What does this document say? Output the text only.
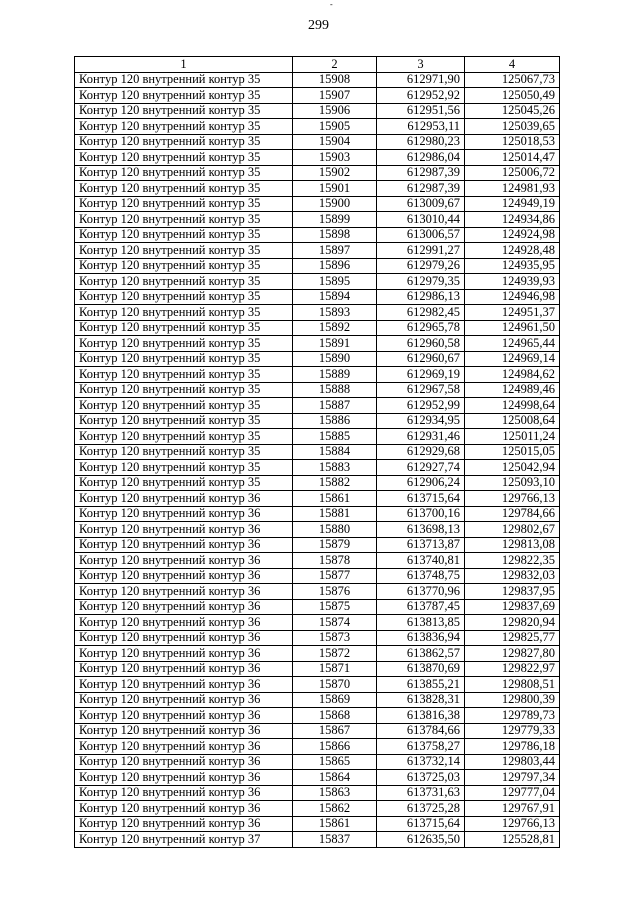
-
299
1	2	3	4
Контур 120 внутренний контур 35	15908	612971,90	125067,73
Контур 120 внутренний контур 35	15907	612952,92	125050,49
Контур 120 внутренний контур 35	15906	612951,56	125045,26
Контур 120 внутренний контур 35	15905	612953,11	125039,65
Контур 120 внутренний контур 35	15904	612980,23	125018,53
Контур 120 внутренний контур 35	15903	612986,04	125014,47
Контур 120 внутренний контур 35	15902	612987,39	125006,72
Контур 120 внутренний контур 35	15901	612987,39	124981,93
Контур 120 внутренний контур 35	15900	613009,67	124949,19
Контур 120 внутренний контур 35	15899	613010,44	124934,86
Контур 120 внутренний контур 35	15898	613006,57	124924,98
Контур 120 внутренний контур 35	15897	612991,27	124928,48
Контур 120 внутренний контур 35	15896	612979,26	124935,95
Контур 120 внутренний контур 35	15895	612979,35	124939,93
Контур 120 внутренний контур 35	15894	612986,13	124946,98
Контур 120 внутренний контур 35	15893	612982,45	124951,37
Контур 120 внутренний контур 35	15892	612965,78	124961,50
Контур 120 внутренний контур 35	15891	612960,58	124965,44
Контур 120 внутренний контур 35	15890	612960,67	124969,14
Контур 120 внутренний контур 35	15889	612969,19	124984,62
Контур 120 внутренний контур 35	15888	612967,58	124989,46
Контур 120 внутренний контур 35	15887	612952,99	124998,64
Контур 120 внутренний контур 35	15886	612934,95	125008,64
Контур 120 внутренний контур 35	15885	612931,46	125011,24
Контур 120 внутренний контур 35	15884	612929,68	125015,05
Контур 120 внутренний контур 35	15883	612927,74	125042,94
Контур 120 внутренний контур 35	15882	612906,24	125093,10
Контур 120 внутренний контур 36	15861	613715,64	129766,13
Контур 120 внутренний контур 36	15881	613700,16	129784,66
Контур 120 внутренний контур 36	15880	613698,13	129802,67
Контур 120 внутренний контур 36	15879	613713,87	129813,08
Контур 120 внутренний контур 36	15878	613740,81	129822,35
Контур 120 внутренний контур 36	15877	613748,75	129832,03
Контур 120 внутренний контур 36	15876	613770,96	129837,95
Контур 120 внутренний контур 36	15875	613787,45	129837,69
Контур 120 внутренний контур 36	15874	613813,85	129820,94
Контур 120 внутренний контур 36	15873	613836,94	129825,77
Контур 120 внутренний контур 36	15872	613862,57	129827,80
Контур 120 внутренний контур 36	15871	613870,69	129822,97
Контур 120 внутренний контур 36	15870	613855,21	129808,51
Контур 120 внутренний контур 36	15869	613828,31	129800,39
Контур 120 внутренний контур 36	15868	613816,38	129789,73
Контур 120 внутренний контур 36	15867	613784,66	129779,33
Контур 120 внутренний контур 36	15866	613758,27	129786,18
Контур 120 внутренний контур 36	15865	613732,14	129803,44
Контур 120 внутренний контур 36	15864	613725,03	129797,34
Контур 120 внутренний контур 36	15863	613731,63	129777,04
Контур 120 внутренний контур 36	15862	613725,28	129767,91
Контур 120 внутренний контур 36	15861	613715,64	129766,13
Контур 120 внутренний контур 37	15837	612635,50	125528,81
